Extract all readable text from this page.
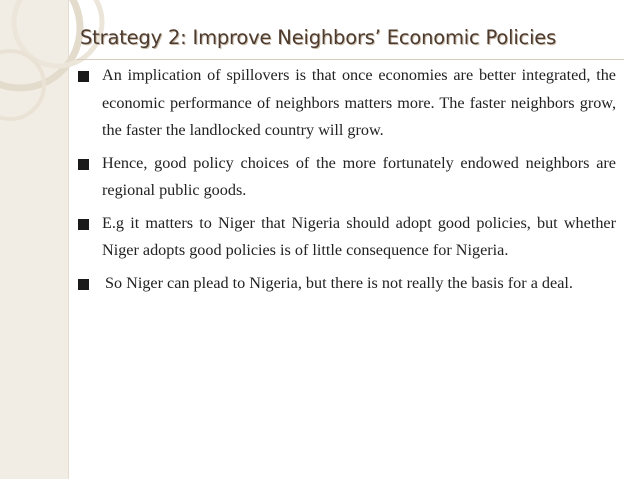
Strategy 2: Improve Neighbors’ Economic Policies
An implication of spillovers is that once economies are better integrated, the economic performance of neighbors matters more. The faster neighbors grow, the faster the landlocked country will grow.
Hence, good policy choices of the more fortunately endowed neighbors are regional public goods.
E.g it matters to Niger that Nigeria should adopt good policies, but whether Niger adopts good policies is of little consequence for Nigeria.
So Niger can plead to Nigeria, but there is not really the basis for a deal.
